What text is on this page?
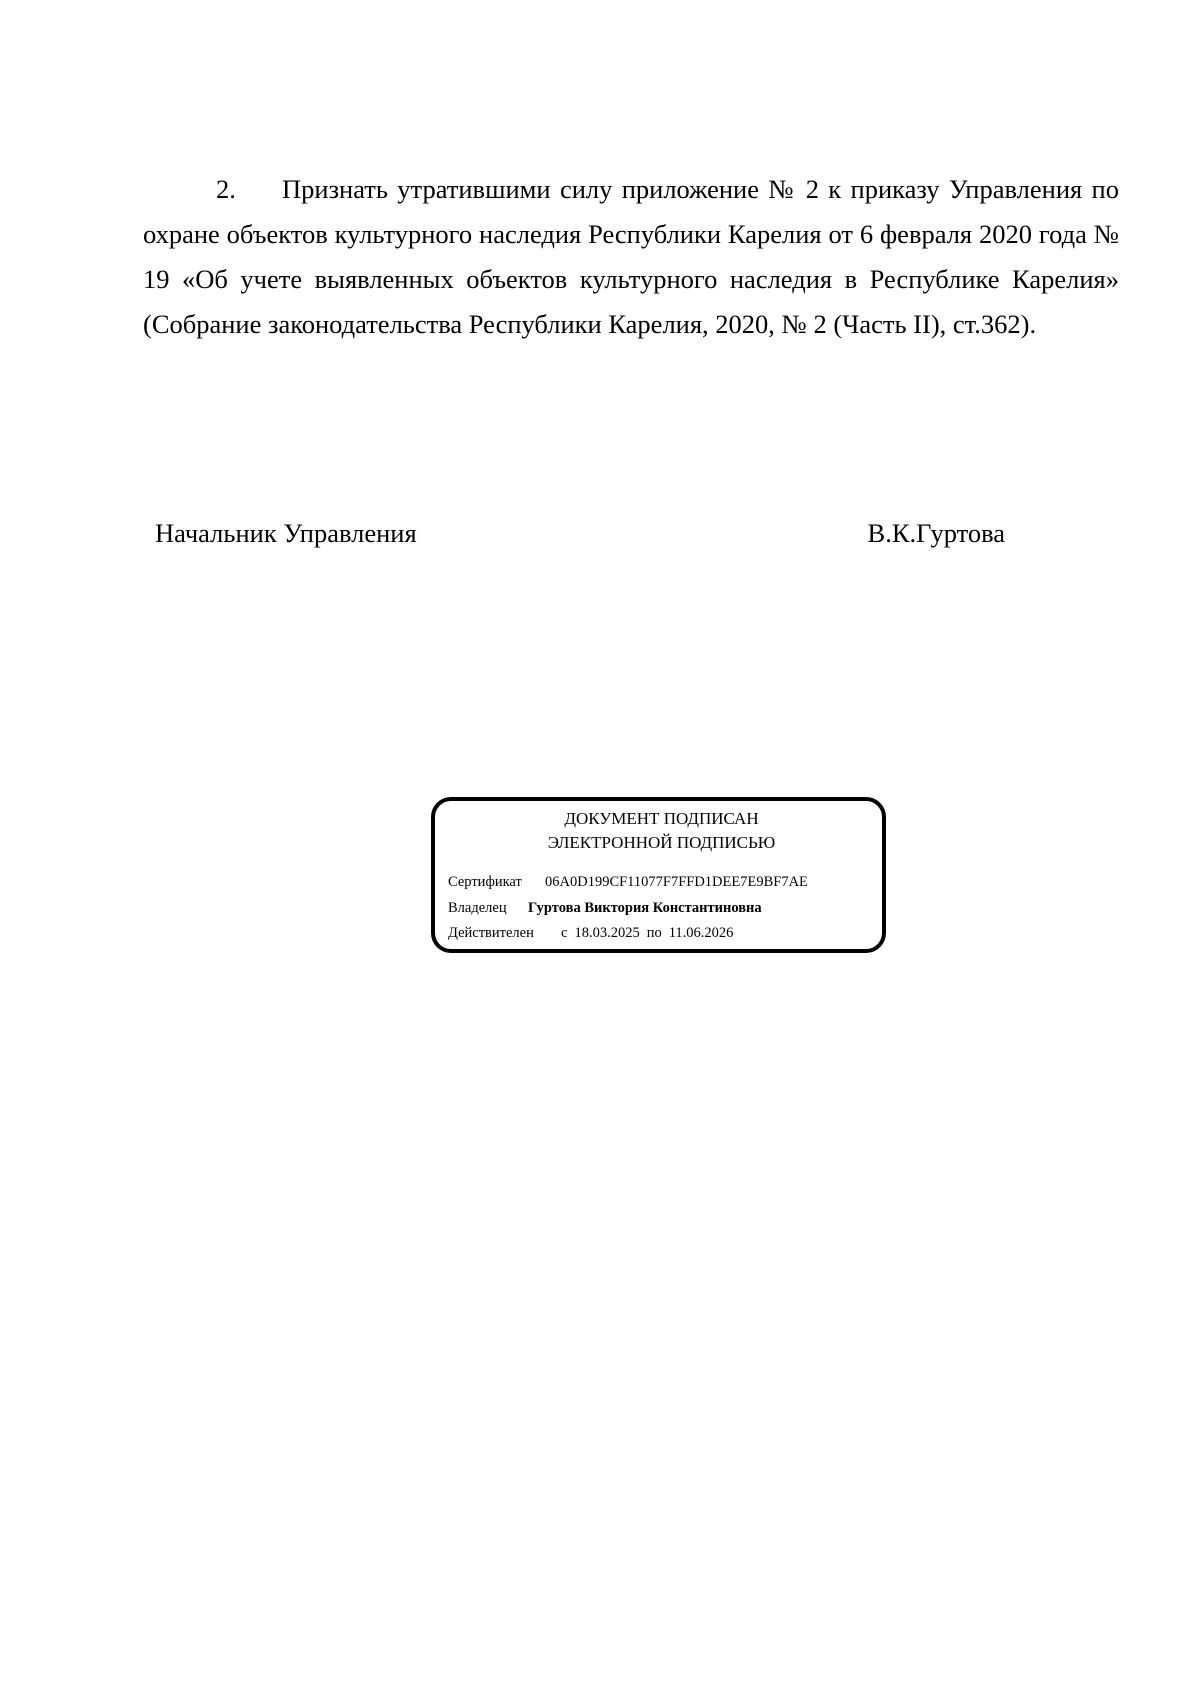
2. Признать утратившими силу приложение № 2 к приказу Управления по охране объектов культурного наследия Республики Карелия от 6 февраля 2020 года № 19 «Об учете выявленных объектов культурного наследия в Республике Карелия» (Собрание законодательства Республики Карелия, 2020, № 2 (Часть II), ст.362).
Начальник Управления	В.К.Гуртова
ДОКУМЕНТ ПОДПИСАН
ЭЛЕКТРОННОЙ ПОДПИСЬЮ
Сертификат 06A0D199CF11077F7FFD1DEE7E9BF7AE
Владелец Гуртова Виктория Константиновна
Действителен с 18.03.2025 по 11.06.2026
